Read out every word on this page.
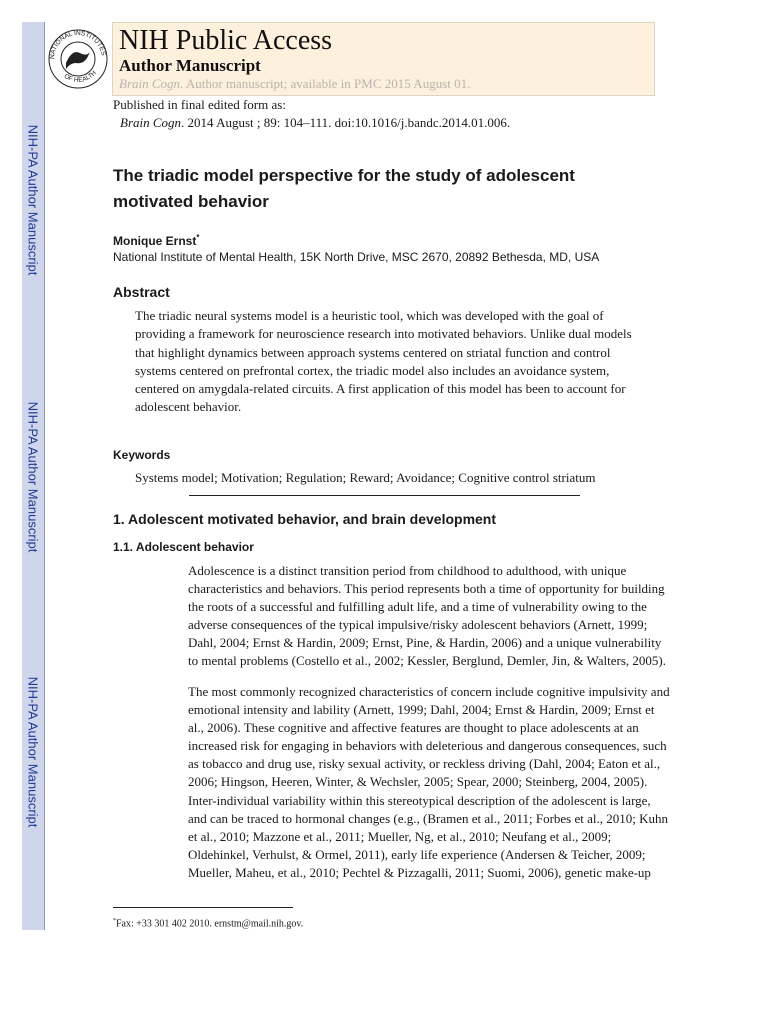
NIH-PA Author Manuscript
NIH-PA Author Manuscript
NIH-PA Author Manuscript
NATIONAL INSTITUTES
OF HEALTH
NIH Public Access
Author Manuscript
Brain Cogn. Author manuscript; available in PMC 2015 August 01.
Published in final edited form as:
Brain Cogn. 2014 August ; 89: 104–111. doi:10.1016/j.bandc.2014.01.006.
The triadic model perspective for the study of adolescent
motivated behavior
Monique Ernst*
National Institute of Mental Health, 15K North Drive, MSC 2670, 20892 Bethesda, MD, USA
Abstract
The triadic neural systems model is a heuristic tool, which was developed with the goal of
providing a framework for neuroscience research into motivated behaviors. Unlike dual models
that highlight dynamics between approach systems centered on striatal function and control
systems centered on prefrontal cortex, the triadic model also includes an avoidance system,
centered on amygdala-related circuits. A first application of this model has been to account for
adolescent behavior.
Keywords
Systems model; Motivation; Regulation; Reward; Avoidance; Cognitive control striatum
1. Adolescent motivated behavior, and brain development
1.1. Adolescent behavior
Adolescence is a distinct transition period from childhood to adulthood, with unique
characteristics and behaviors. This period represents both a time of opportunity for building
the roots of a successful and fulfilling adult life, and a time of vulnerability owing to the
adverse consequences of the typical impulsive/risky adolescent behaviors (Arnett, 1999;
Dahl, 2004; Ernst & Hardin, 2009; Ernst, Pine, & Hardin, 2006) and a unique vulnerability
to mental problems (Costello et al., 2002; Kessler, Berglund, Demler, Jin, & Walters, 2005).
The most commonly recognized characteristics of concern include cognitive impulsivity and
emotional intensity and lability (Arnett, 1999; Dahl, 2004; Ernst & Hardin, 2009; Ernst et
al., 2006). These cognitive and affective features are thought to place adolescents at an
increased risk for engaging in behaviors with deleterious and dangerous consequences, such
as tobacco and drug use, risky sexual activity, or reckless driving (Dahl, 2004; Eaton et al.,
2006; Hingson, Heeren, Winter, & Wechsler, 2005; Spear, 2000; Steinberg, 2004, 2005).
Inter-individual variability within this stereotypical description of the adolescent is large,
and can be traced to hormonal changes (e.g., (Bramen et al., 2011; Forbes et al., 2010; Kuhn
et al., 2010; Mazzone et al., 2011; Mueller, Ng, et al., 2010; Neufang et al., 2009;
Oldehinkel, Verhulst, & Ormel, 2011), early life experience (Andersen & Teicher, 2009;
Mueller, Maheu, et al., 2010; Pechtel & Pizzagalli, 2011; Suomi, 2006), genetic make-up
*Fax: +33 301 402 2010. ernstm@mail.nih.gov.
